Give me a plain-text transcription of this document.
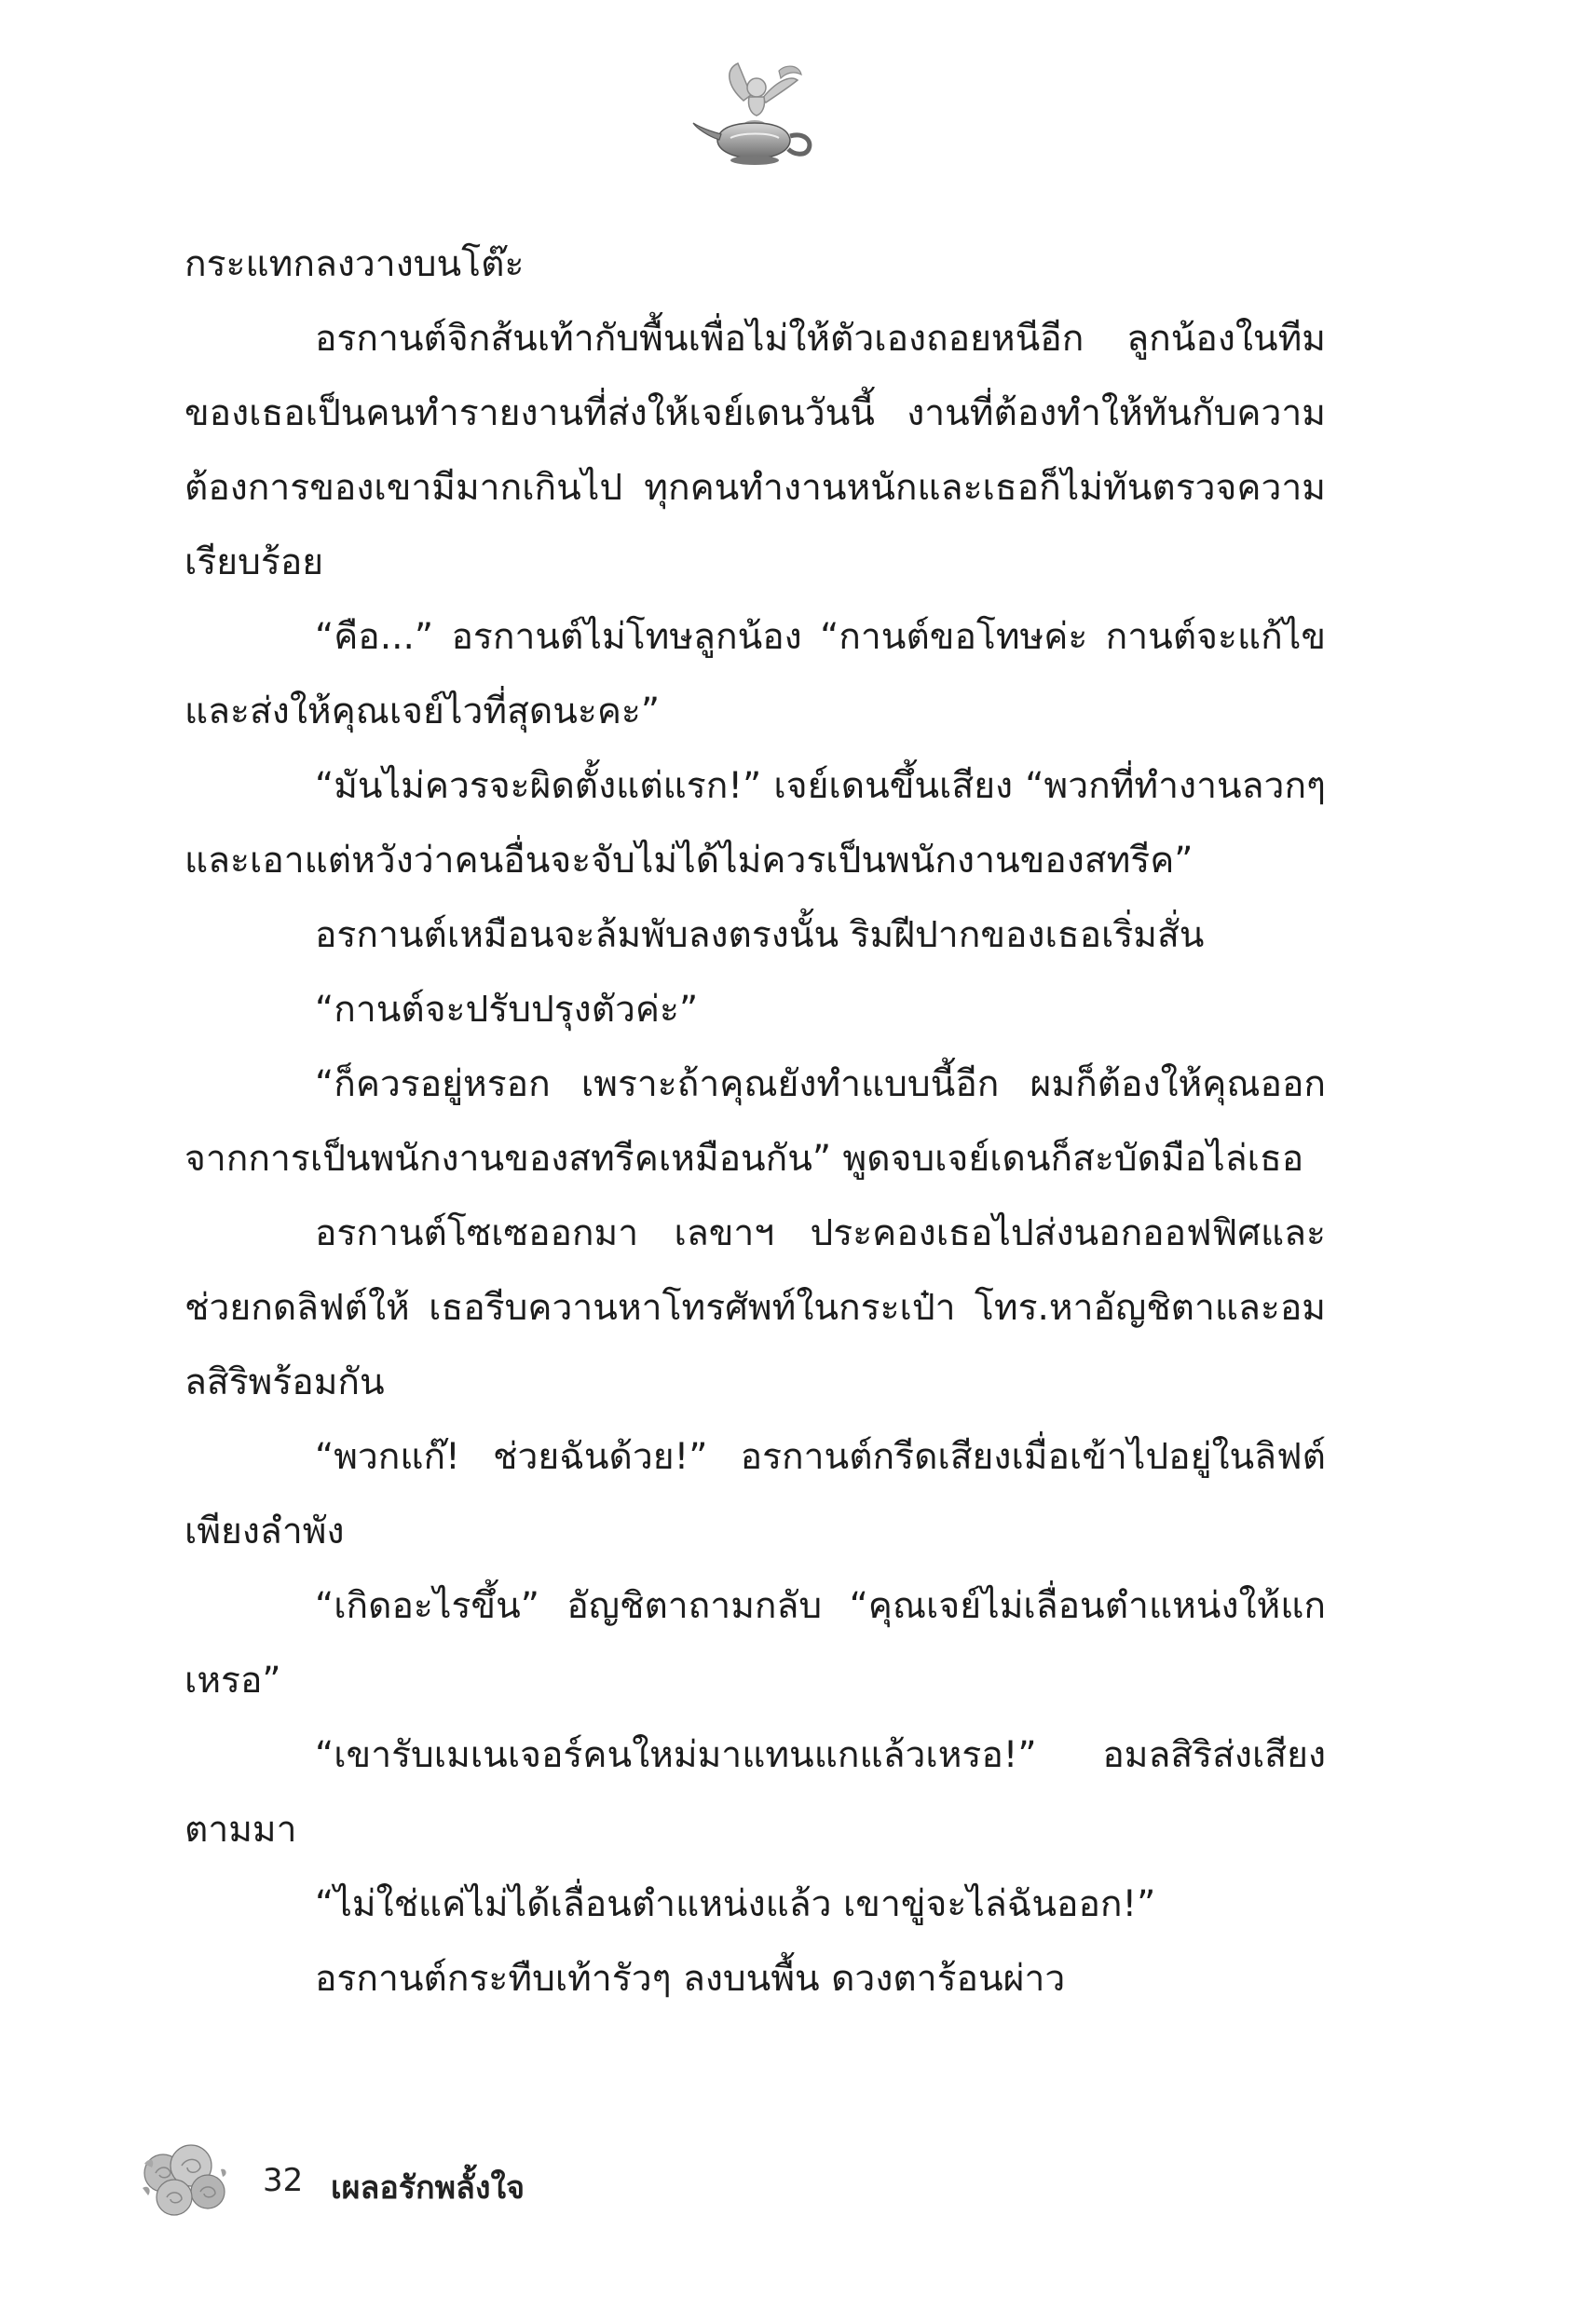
กระแทกลงวางบนโต๊ะ

อรกานต์จิกส้นเท้ากับพื้นเพื่อไม่ให้ตัวเองถอยหนีอีก ลูกน้องในทีมของเธอเป็นคนทำรายงานที่ส่งให้เจย์เดนวันนี้ งานที่ต้องทำให้ทันกับความต้องการของเขามีมากเกินไป ทุกคนทำงานหนักและเธอก็ไม่ทันตรวจความเรียบร้อย

“คือ...” อรกานต์ไม่โทษลูกน้อง “กานต์ขอโทษค่ะ กานต์จะแก้ไขและส่งให้คุณเจย์ไวที่สุดนะคะ”

“มันไม่ควรจะผิดตั้งแต่แรก!” เจย์เดนขึ้นเสียง “พวกที่ทำงานลวกๆ และเอาแต่หวังว่าคนอื่นจะจับไม่ได้ไม่ควรเป็นพนักงานของสทรีค”

อรกานต์เหมือนจะล้มพับลงตรงนั้น ริมฝีปากของเธอเริ่มสั่น

“กานต์จะปรับปรุงตัวค่ะ”

“ก็ควรอยู่หรอก เพราะถ้าคุณยังทำแบบนี้อีก ผมก็ต้องให้คุณออกจากการเป็นพนักงานของสทรีคเหมือนกัน” พูดจบเจย์เดนก็สะบัดมือไล่เธอ

อรกานต์โซเซออกมา เลขาฯ ประคองเธอไปส่งนอกออฟฟิศและช่วยกดลิฟต์ให้ เธอรีบควานหาโทรศัพท์ในกระเป๋า โทร.หาอัญชิตาและอมลสิริพร้อมกัน

“พวกแก๊! ช่วยฉันด้วย!” อรกานต์กรีดเสียงเมื่อเข้าไปอยู่ในลิฟต์เพียงลำพัง

“เกิดอะไรขึ้น” อัญชิตาถามกลับ “คุณเจย์ไม่เลื่อนตำแหน่งให้แกเหรอ”

“เขารับเมเนเจอร์คนใหม่มาแทนแกแล้วเหรอ!” อมลสิริส่งเสียงตามมา

“ไม่ใช่แค่ไม่ได้เลื่อนตำแหน่งแล้ว เขาขู่จะไล่ฉันออก!”

อรกานต์กระทืบเท้ารัวๆ ลงบนพื้น ดวงตาร้อนผ่าว

32 เผลอรักพลั้งใจ
